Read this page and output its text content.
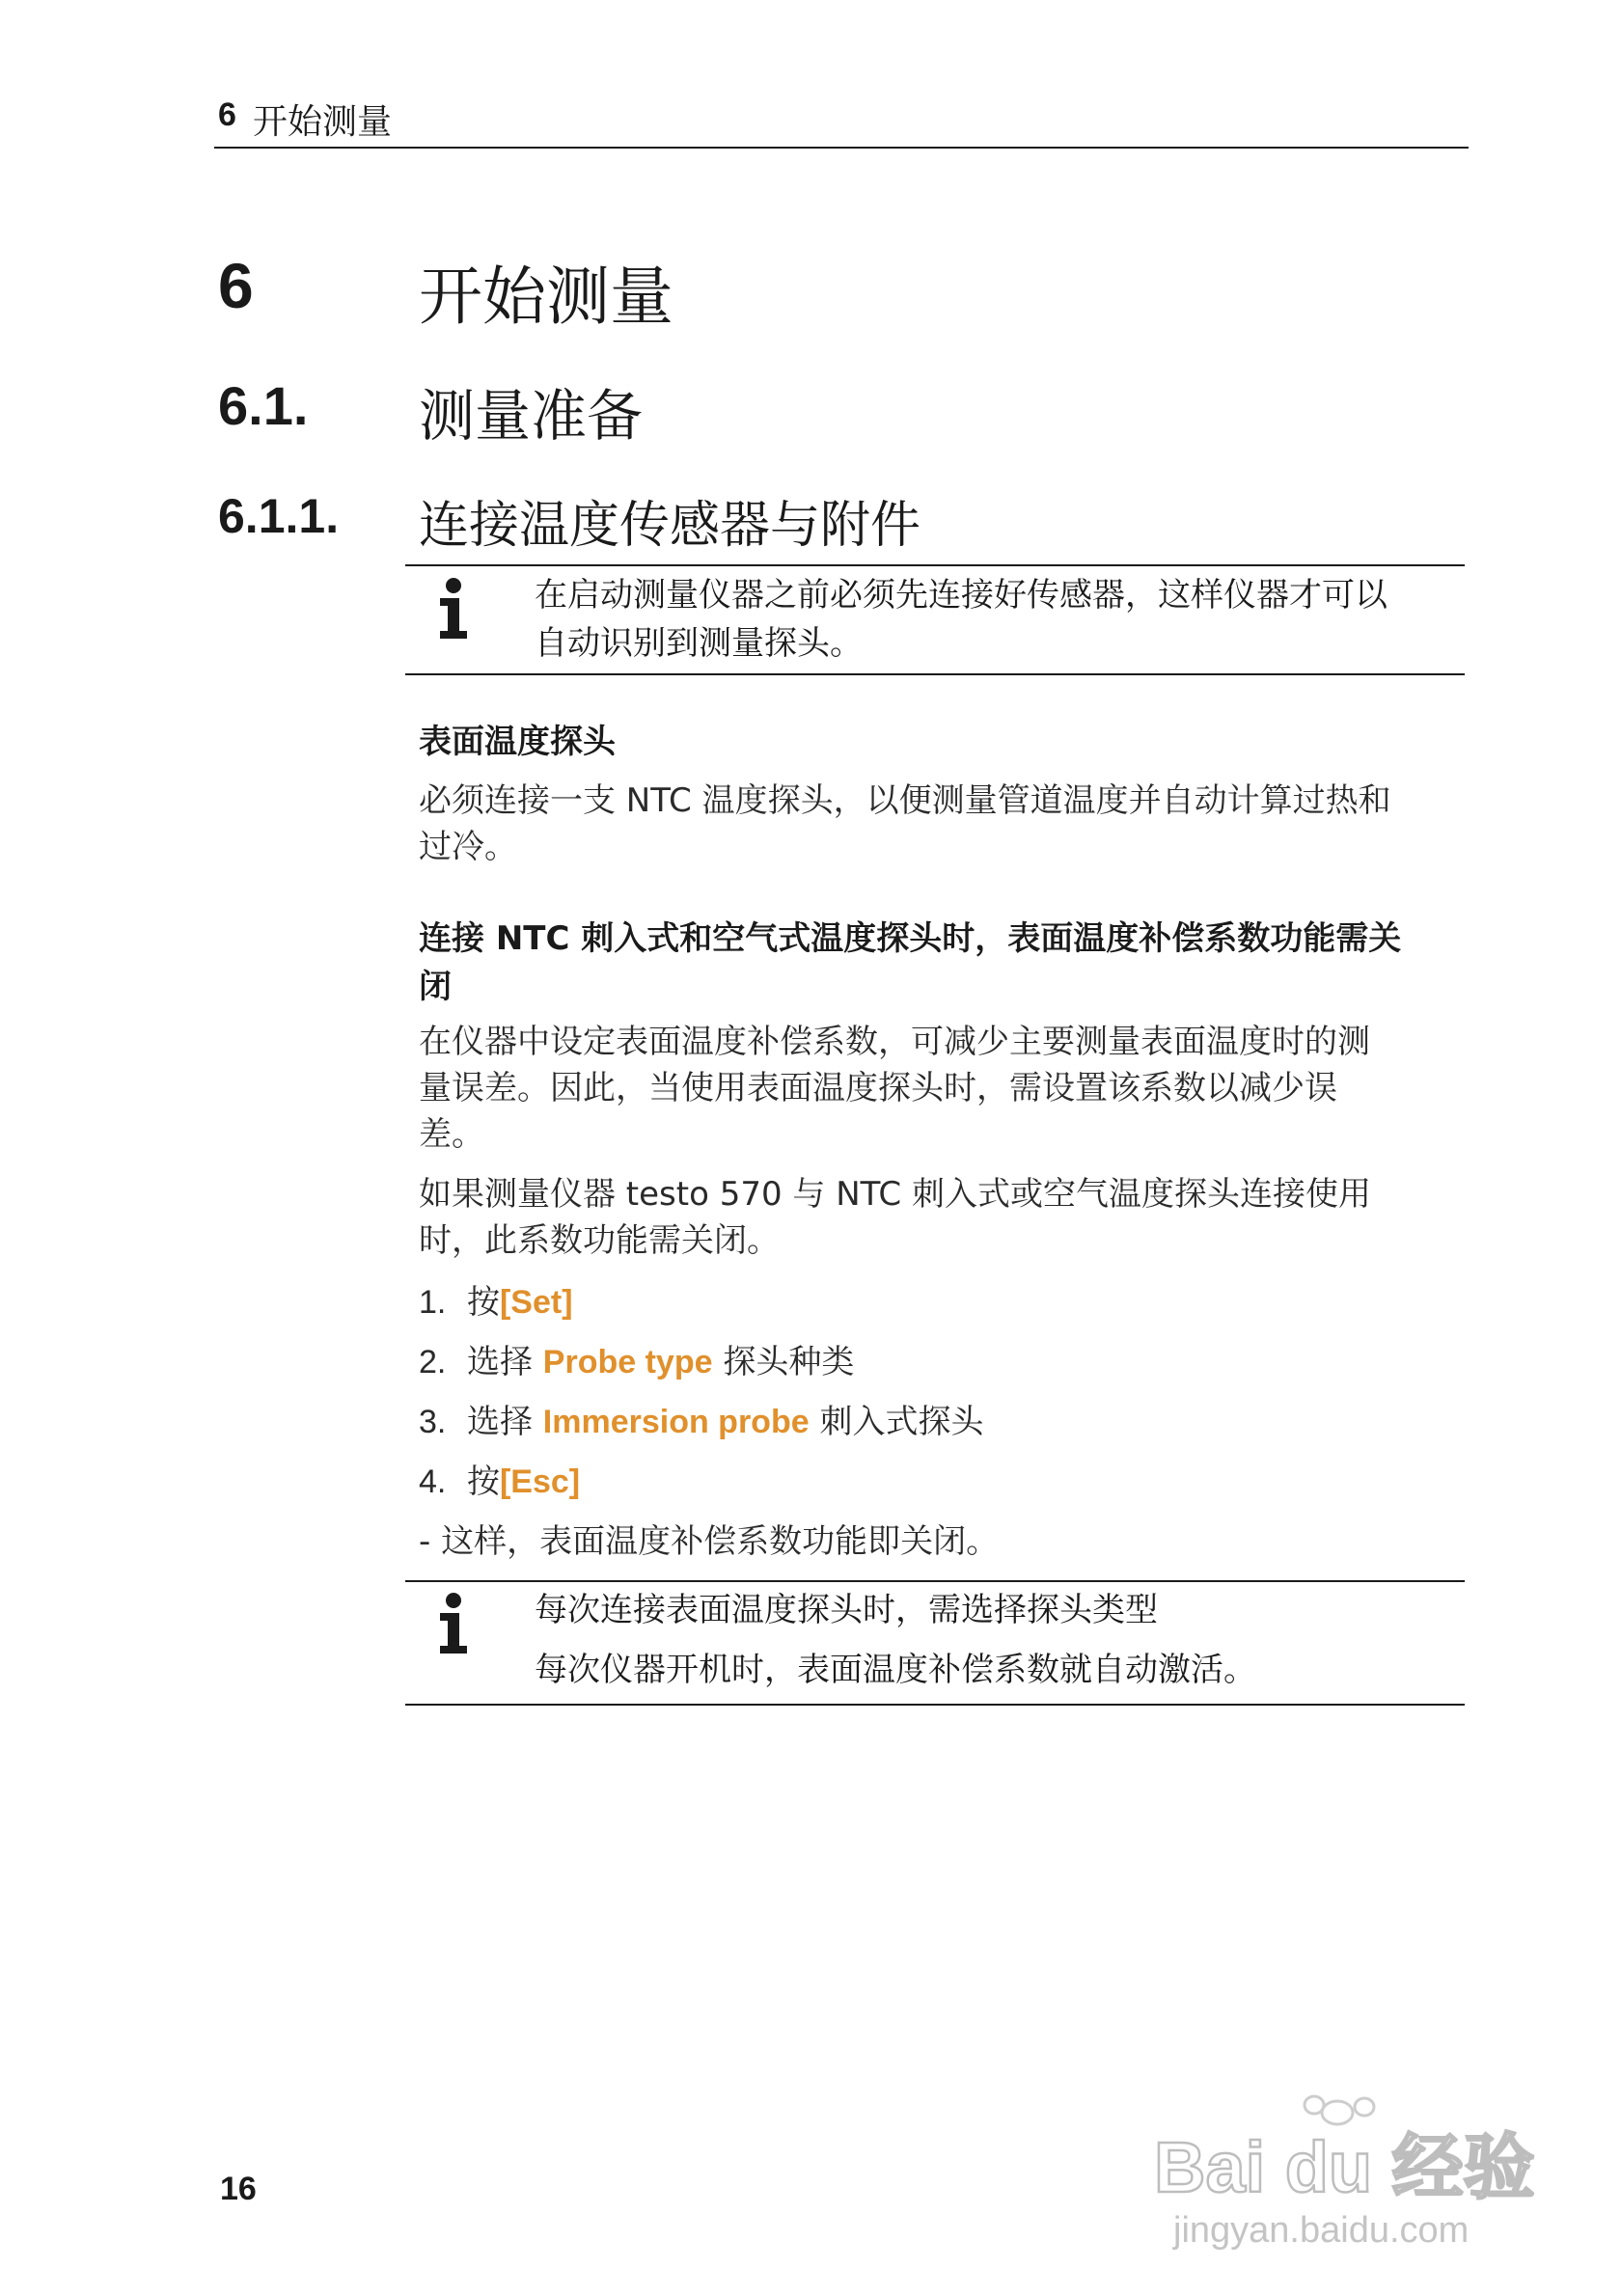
6 开始测量
6	开始测量
6.1. 测量准备
6.1.1. 连接温度传感器与附件
在启动测量仪器之前必须先连接好传感器，这样仪器才可以
自动识别到测量探头。
表面温度探头
必须连接一支 NTC 温度探头，以便测量管道温度并自动计算过热和
过冷。
连接 NTC 刺入式和空气式温度探头时，表面温度补偿系数功能需关
闭
在仪器中设定表面温度补偿系数，可减少主要测量表面温度时的测
量误差。因此，当使用表面温度探头时，需设置该系数以减少误
差。
如果测量仪器 testo 570 与 NTC 刺入式或空气温度探头连接使用
时，此系数功能需关闭。
1. 按[Set]
2. 选择 Probe type 探头种类
3. 选择 Immersion probe 刺入式探头
4. 按[Esc]
- 这样，表面温度补偿系数功能即关闭。
每次连接表面温度探头时，需选择探头类型
每次仪器开机时，表面温度补偿系数就自动激活。
16	Bai du 经验
jingyan.baidu.com
